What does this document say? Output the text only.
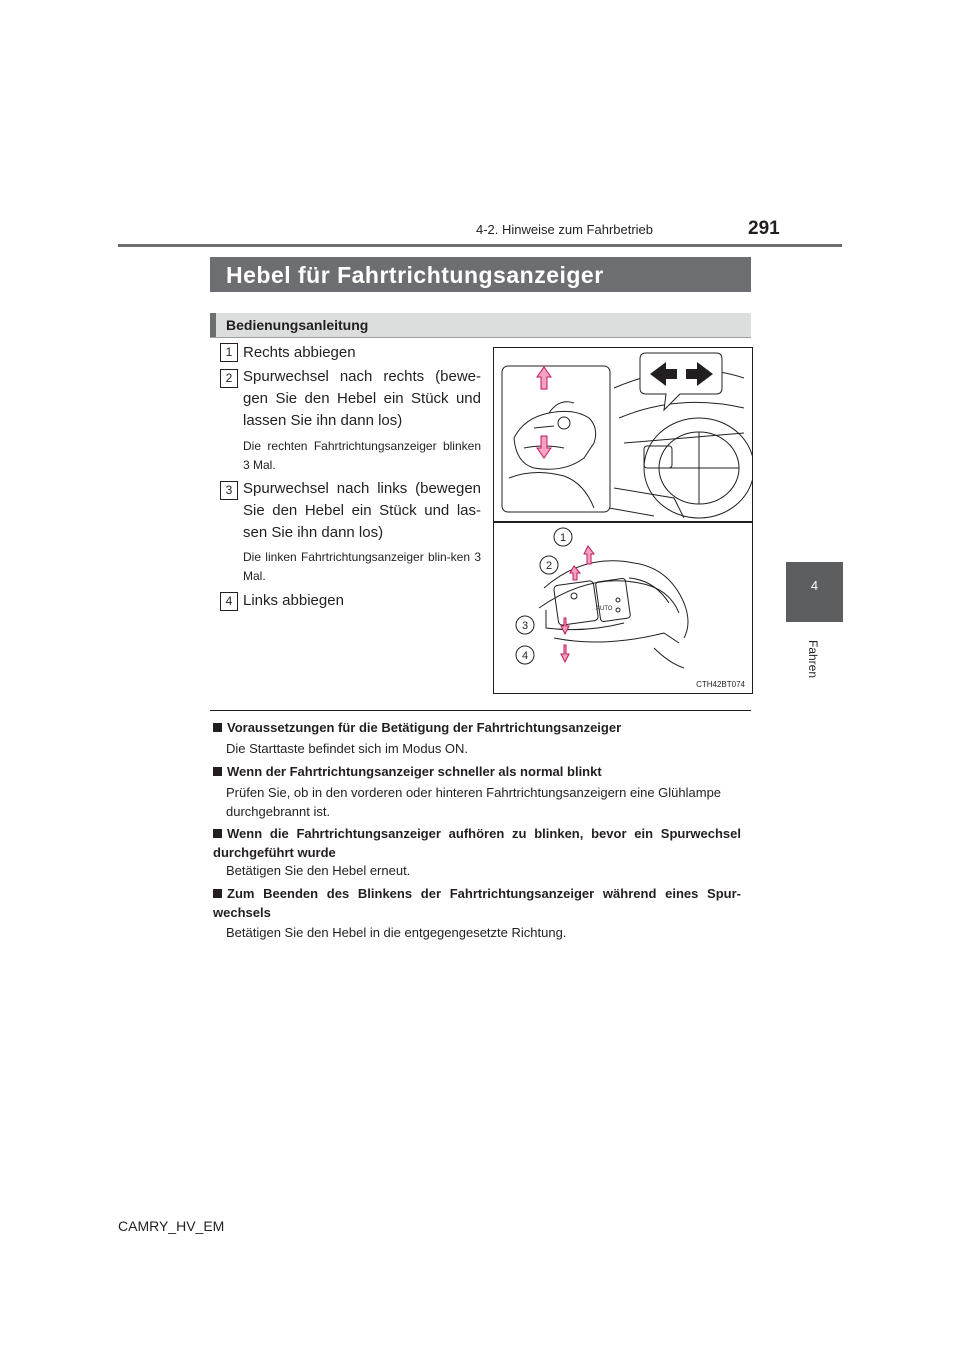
4-2. Hinweise zum Fahrbetrieb	291
4
Fahren
Hebel für Fahrtrichtungsanzeiger
Bedienungsanleitung
1 Rechts abbiegen
2 Spurwechsel nach rechts (bewe-gen Sie den Hebel ein Stück und lassen Sie ihn dann los)
Die rechten Fahrtrichtungsanzeiger blinken 3 Mal.
3 Spurwechsel nach links (bewegen Sie den Hebel ein Stück und las-sen Sie ihn dann los)
Die linken Fahrtrichtungsanzeiger blin-ken 3 Mal.
4 Links abbiegen	AUTO
1
2
3
4
CTH42BT074
Voraussetzungen für die Betätigung der Fahrtrichtungsanzeiger
Die Starttaste befindet sich im Modus ON.
Wenn der Fahrtrichtungsanzeiger schneller als normal blinkt
Prüfen Sie, ob in den vorderen oder hinteren Fahrtrichtungsanzeigern eine Glühlampe durchgebrannt ist.
Wenn die Fahrtrichtungsanzeiger aufhören zu blinken, bevor ein Spurwechsel durchgeführt wurde
Betätigen Sie den Hebel erneut.
Zum Beenden des Blinkens der Fahrtrichtungsanzeiger während eines Spur-wechsels
Betätigen Sie den Hebel in die entgegengesetzte Richtung.
CAMRY_HV_EM
